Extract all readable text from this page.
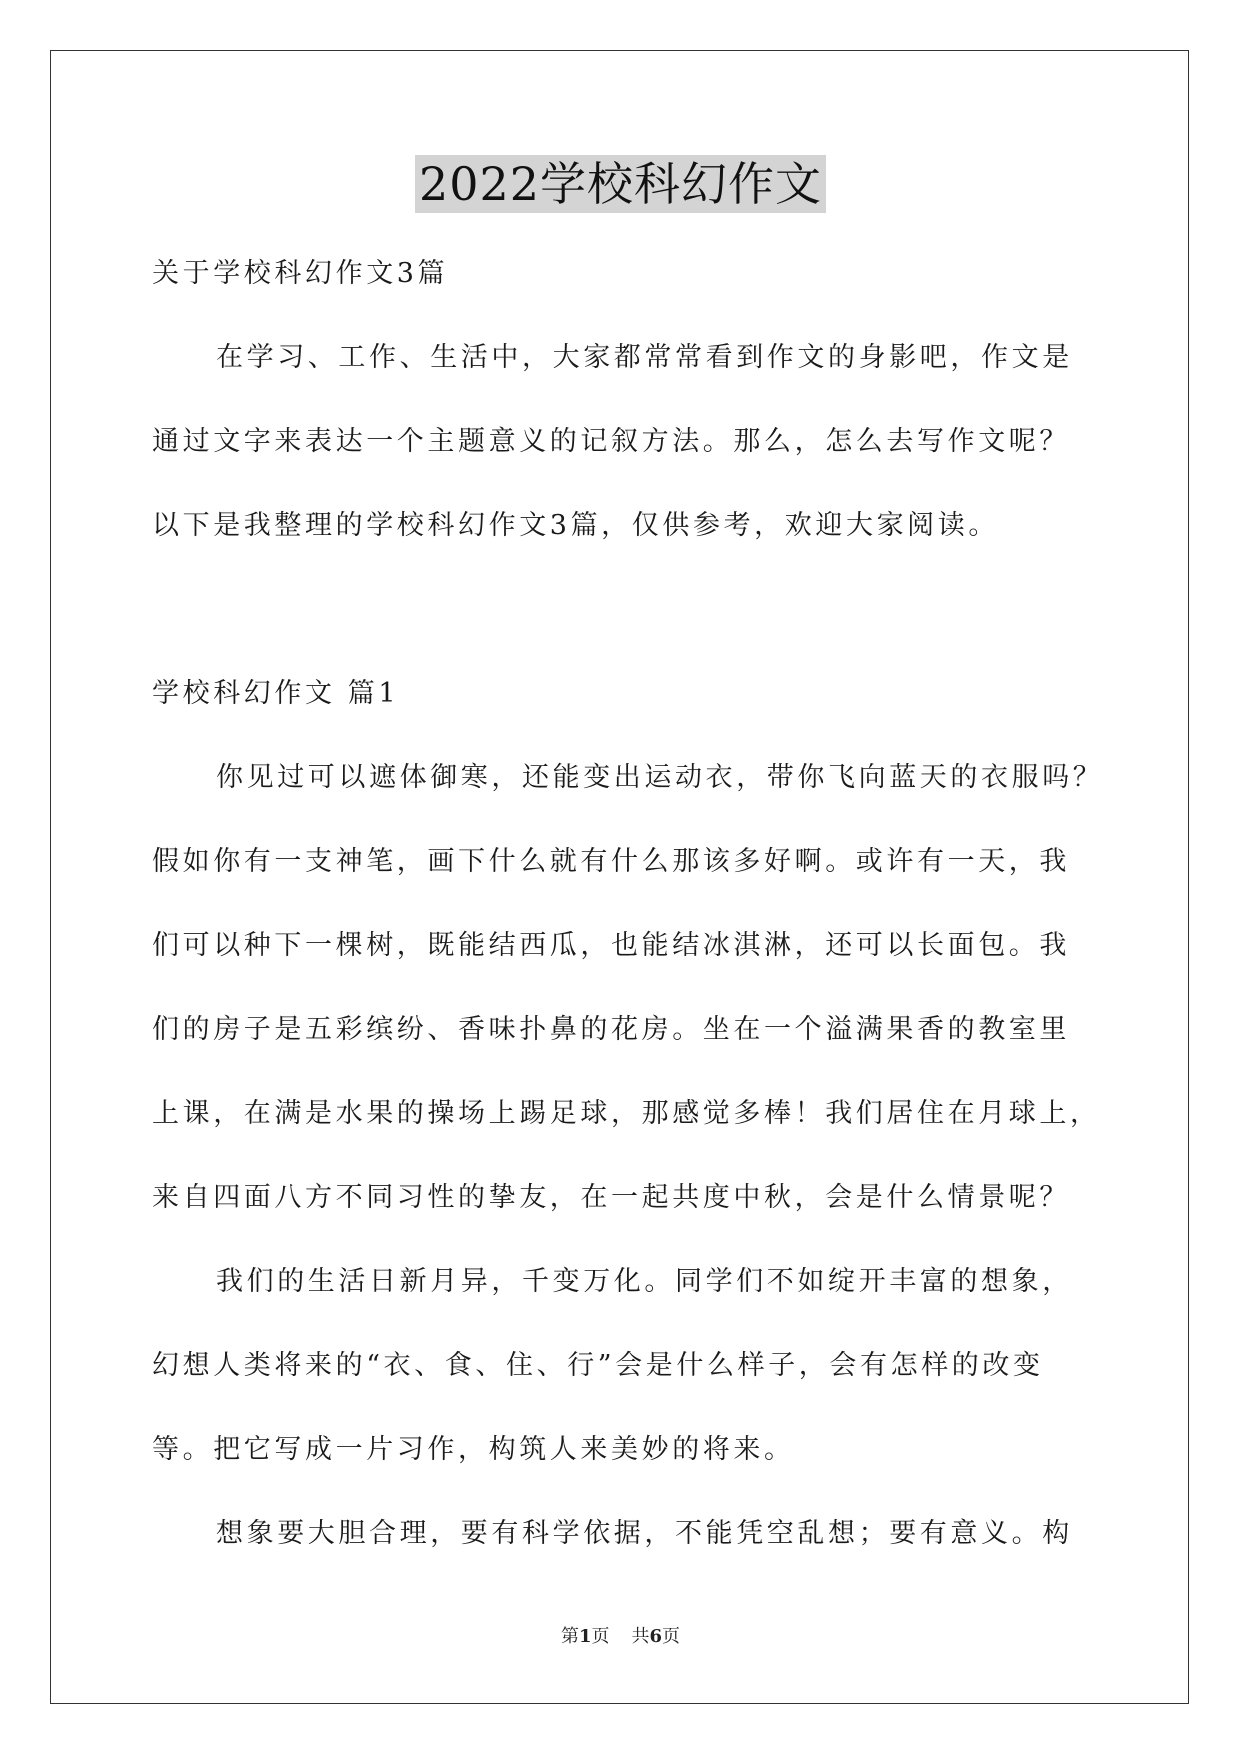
2022学校科幻作文
关于学校科幻作文3篇
在学习、工作、生活中，大家都常常看到作文的身影吧，作文是
通过文字来表达一个主题意义的记叙方法。那么，怎么去写作文呢？
以下是我整理的学校科幻作文3篇，仅供参考，欢迎大家阅读。
学校科幻作文 篇1
你见过可以遮体御寒，还能变出运动衣，带你飞向蓝天的衣服吗？
假如你有一支神笔，画下什么就有什么那该多好啊。或许有一天，我
们可以种下一棵树，既能结西瓜，也能结冰淇淋，还可以长面包。我
们的房子是五彩缤纷、香味扑鼻的花房。坐在一个溢满果香的教室里
上课，在满是水果的操场上踢足球，那感觉多棒！我们居住在月球上，
来自四面八方不同习性的挚友，在一起共度中秋，会是什么情景呢？
我们的生活日新月异，千变万化。同学们不如绽开丰富的想象，
幻想人类将来的“衣、食、住、行”会是什么样子，会有怎样的改变
等。把它写成一片习作，构筑人来美妙的将来。
想象要大胆合理，要有科学依据，不能凭空乱想；要有意义。构
第1页 共6页
